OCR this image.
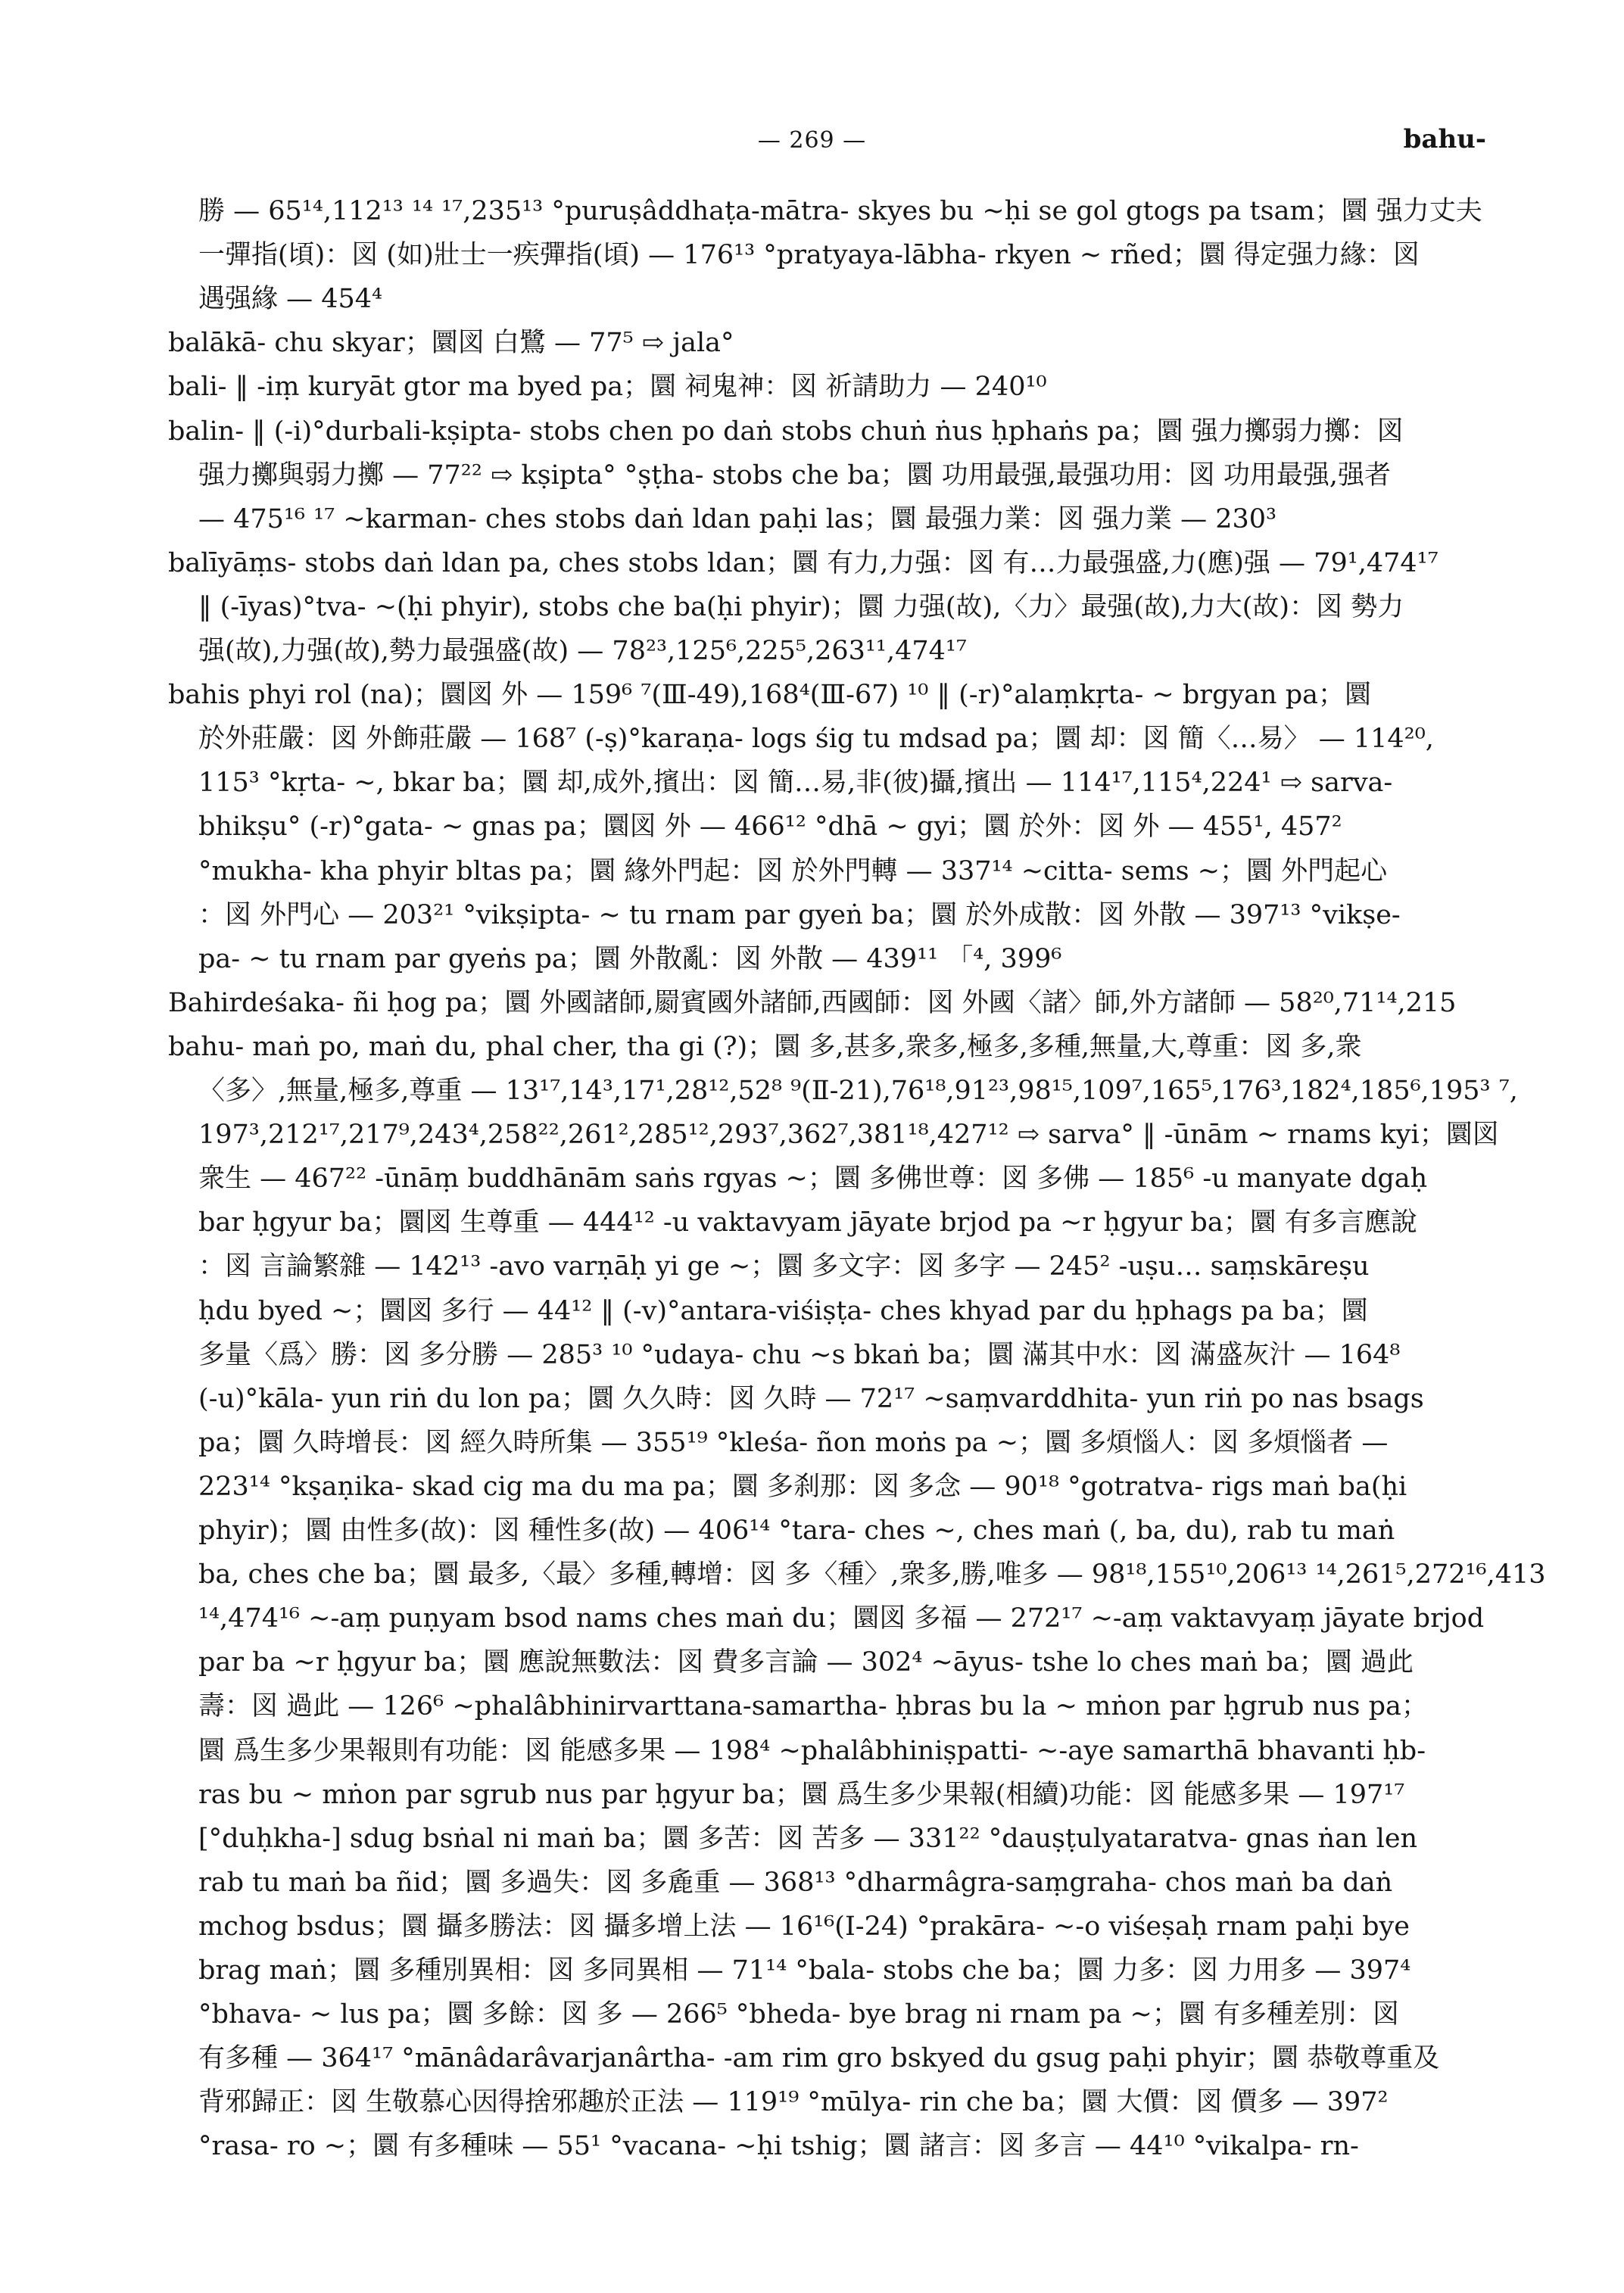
— 269 —	bahu-
勝 — 65¹⁴,112¹³ ¹⁴ ¹⁷,235¹³ °puruṣâddhaṭa-mātra- skyes bu ~ḥi se gol gtogs pa tsam；圜 强力丈夫
一彈指(頃)：図 (如)壯士一疾彈指(頃) — 176¹³ °pratyaya-lābha- rkyen ~ rñed；圜 得定强力緣：図
遇强緣 — 454⁴
balākā- chu skyar；圜図 白鷺 — 77⁵ ⇨ jala°
bali- ‖ -iṃ kuryāt gtor ma byed pa；圜 祠鬼神：図 祈請助力 — 240¹⁰
balin- ‖ (-i)°durbali-kṣipta- stobs chen po daṅ stobs chuṅ ṅus ḥphaṅs pa；圜 强力擲弱力擲：図
强力擲與弱力擲 — 77²² ⇨ kṣipta° °ṣṭha- stobs che ba；圜 功用最强,最强功用：図 功用最强,强者
— 475¹⁶ ¹⁷ ~karman- ches stobs daṅ ldan paḥi las；圜 最强力業：図 强力業 — 230³
balīyāṃs- stobs daṅ ldan pa, ches stobs ldan；圜 有力,力强：図 有…力最强盛,力(應)强 — 79¹,474¹⁷
‖ (-īyas)°tva- ~(ḥi phyir), stobs che ba(ḥi phyir)；圜 力强(故),〈力〉最强(故),力大(故)：図 勢力
强(故),力强(故),勢力最强盛(故) — 78²³,125⁶,225⁵,263¹¹,474¹⁷
bahis phyi rol (na)；圜図 外 — 159⁶ ⁷(Ⅲ-49),168⁴(Ⅲ-67) ¹⁰ ‖ (-r)°alaṃkṛta- ~ brgyan pa；圜
於外莊嚴：図 外飾莊嚴 — 168⁷ (-ṣ)°karaṇa- logs śig tu mdsad pa；圜 却：図 簡〈…易〉 — 114²⁰,
115³ °kṛta- ~, bkar ba；圜 却,成外,擯出：図 簡…易,非(彼)攝,擯出 — 114¹⁷,115⁴,224¹ ⇨ sarva-
bhikṣu° (-r)°gata- ~ gnas pa；圜図 外 — 466¹² °dhā ~ gyi；圜 於外：図 外 — 455¹, 457²
°mukha- kha phyir bltas pa；圜 緣外門起：図 於外門轉 — 337¹⁴ ~citta- sems ~；圜 外門起心
：図 外門心 — 203²¹ °vikṣipta- ~ tu rnam par gyeṅ ba；圜 於外成散：図 外散 — 397¹³ °vikṣe-
pa- ~ tu rnam par gyeṅs pa；圜 外散亂：図 外散 — 439¹¹ 「⁴, 399⁶
Bahirdeśaka- ñi ḥog pa；圜 外國諸師,罽賓國外諸師,西國師：図 外國〈諸〉師,外方諸師 — 58²⁰,71¹⁴,215
bahu- maṅ po, maṅ du, phal cher, tha gi (?)；圜 多,甚多,衆多,極多,多種,無量,大,尊重：図 多,衆
〈多〉,無量,極多,尊重 — 13¹⁷,14³,17¹,28¹²,52⁸ ⁹(Ⅱ-21),76¹⁸,91²³,98¹⁵,109⁷,165⁵,176³,182⁴,185⁶,195³ ⁷,
197³,212¹⁷,217⁹,243⁴,258²²,261²,285¹²,293⁷,362⁷,381¹⁸,427¹² ⇨ sarva° ‖ -ūnām ~ rnams kyi；圜図
衆生 — 467²² -ūnāṃ buddhānām saṅs rgyas ~；圜 多佛世尊：図 多佛 — 185⁶ -u manyate dgaḥ
bar ḥgyur ba；圜図 生尊重 — 444¹² -u vaktavyam jāyate brjod pa ~r ḥgyur ba；圜 有多言應說
：図 言論繁雜 — 142¹³ -avo varṇāḥ yi ge ~；圜 多文字：図 多字 — 245² -uṣu… saṃskāreṣu
ḥdu byed ~；圜図 多行 — 44¹² ‖ (-v)°antara-viśiṣṭa- ches khyad par du ḥphags pa ba；圜
多量〈爲〉勝：図 多分勝 — 285³ ¹⁰ °udaya- chu ~s bkaṅ ba；圜 滿其中水：図 滿盛灰汁 — 164⁸
(-u)°kāla- yun riṅ du lon pa；圜 久久時：図 久時 — 72¹⁷ ~saṃvarddhita- yun riṅ po nas bsags
pa；圜 久時增長：図 經久時所集 — 355¹⁹ °kleśa- ñon moṅs pa ~；圜 多煩惱人：図 多煩惱者 —
223¹⁴ °kṣaṇika- skad cig ma du ma pa；圜 多刹那：図 多念 — 90¹⁸ °gotratva- rigs maṅ ba(ḥi
phyir)；圜 由性多(故)：図 種性多(故) — 406¹⁴ °tara- ches ~, ches maṅ (, ba, du), rab tu maṅ
ba, ches che ba；圜 最多,〈最〉多種,轉增：図 多〈種〉,衆多,勝,唯多 — 98¹⁸,155¹⁰,206¹³ ¹⁴,261⁵,272¹⁶,413
¹⁴,474¹⁶ ~-aṃ puṇyam bsod nams ches maṅ du；圜図 多福 — 272¹⁷ ~-aṃ vaktavyaṃ jāyate brjod
par ba ~r ḥgyur ba；圜 應說無數法：図 費多言論 — 302⁴ ~āyus- tshe lo ches maṅ ba；圜 過此
壽：図 過此 — 126⁶ ~phalâbhinirvarttana-samartha- ḥbras bu la ~ mṅon par ḥgrub nus pa；
圜 爲生多少果報則有功能：図 能感多果 — 198⁴ ~phalâbhiniṣpatti- ~-aye samarthā bhavanti ḥb-
ras bu ~ mṅon par sgrub nus par ḥgyur ba；圜 爲生多少果報(相續)功能：図 能感多果 — 197¹⁷
[°duḥkha-] sdug bsṅal ni maṅ ba；圜 多苦：図 苦多 — 331²² °dauṣṭulyataratva- gnas ṅan len
rab tu maṅ ba ñid；圜 多過失：図 多麁重 — 368¹³ °dharmâgra-saṃgraha- chos maṅ ba daṅ
mchog bsdus；圜 攝多勝法：図 攝多增上法 — 16¹⁶(Ⅰ-24) °prakāra- ~-o viśeṣaḥ rnam paḥi bye
brag maṅ；圜 多種別異相：図 多同異相 — 71¹⁴ °bala- stobs che ba；圜 力多：図 力用多 — 397⁴
°bhava- ~ lus pa；圜 多餘：図 多 — 266⁵ °bheda- bye brag ni rnam pa ~；圜 有多種差別：図
有多種 — 364¹⁷ °mānâdarâvarjanârtha- -am rim gro bskyed du gsug paḥi phyir；圜 恭敬尊重及
背邪歸正：図 生敬慕心因得捨邪趣於正法 — 119¹⁹ °mūlya- rin che ba；圜 大價：図 價多 — 397²
°rasa- ro ~；圜 有多種味 — 55¹ °vacana- ~ḥi tshig；圜 諸言：図 多言 — 44¹⁰ °vikalpa- rn-
